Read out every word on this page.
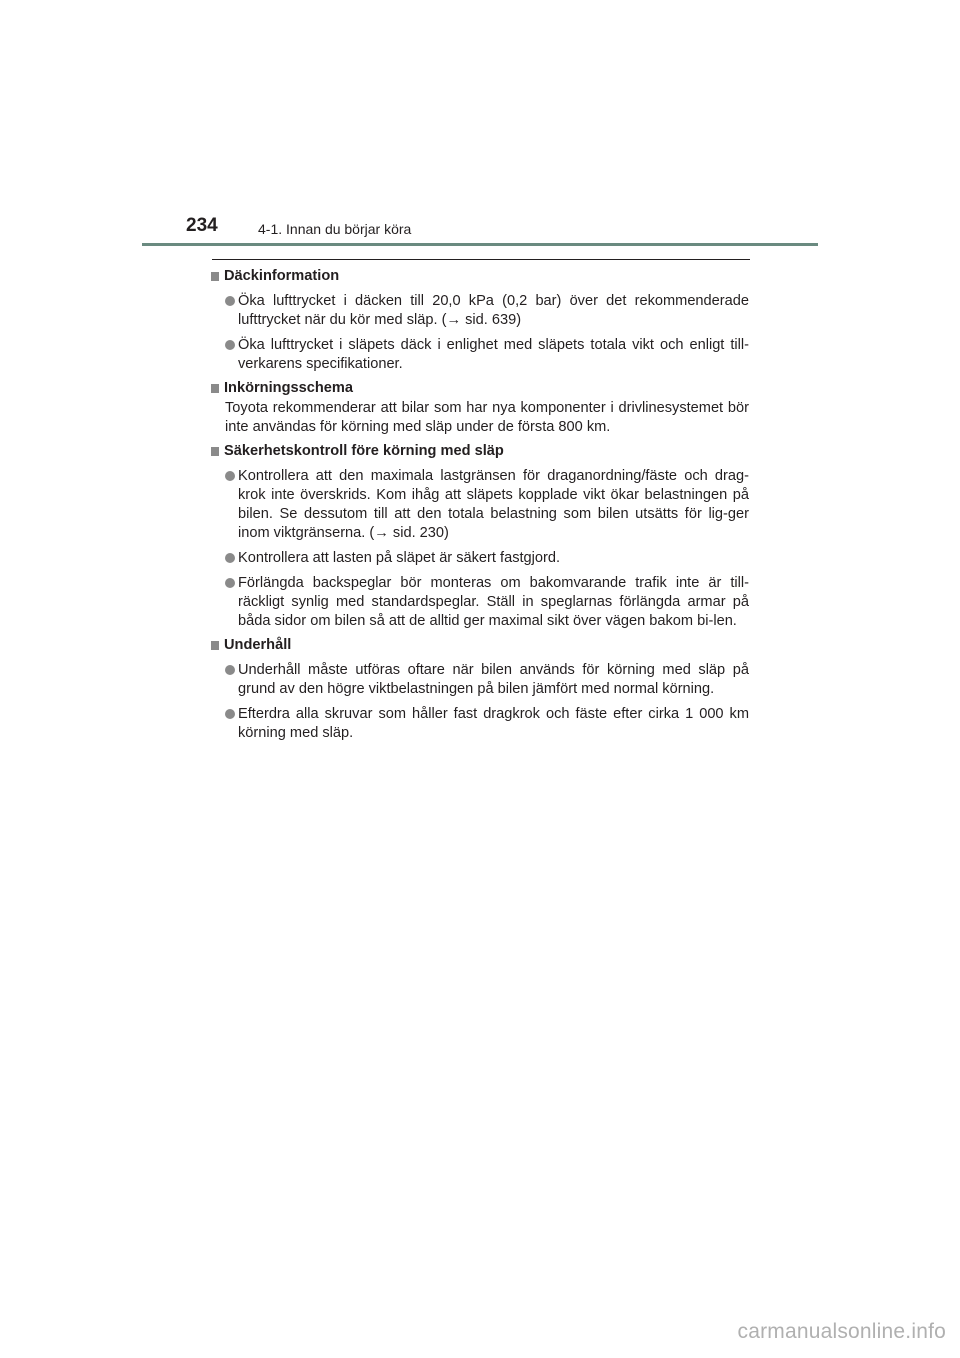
234	4-1. Innan du börjar köra
Däckinformation
Öka lufttrycket i däcken till 20,0 kPa (0,2 bar) över det rekommenderade lufttrycket när du kör med släp. (→ sid. 639)
Öka lufttrycket i släpets däck i enlighet med släpets totala vikt och enligt till-verkarens specifikationer.
Inkörningsschema
Toyota rekommenderar att bilar som har nya komponenter i drivlinesystemet bör inte användas för körning med släp under de första 800 km.
Säkerhetskontroll före körning med släp
Kontrollera att den maximala lastgränsen för draganordning/fäste och drag-krok inte överskrids. Kom ihåg att släpets kopplade vikt ökar belastningen på bilen. Se dessutom till att den totala belastning som bilen utsätts för lig-ger inom viktgränserna. (→ sid. 230)
Kontrollera att lasten på släpet är säkert fastgjord.
Förlängda backspeglar bör monteras om bakomvarande trafik inte är till-räckligt synlig med standardspeglar. Ställ in speglarnas förlängda armar på båda sidor om bilen så att de alltid ger maximal sikt över vägen bakom bi-len.
Underhåll
Underhåll måste utföras oftare när bilen används för körning med släp på grund av den högre viktbelastningen på bilen jämfört med normal körning.
Efterdra alla skruvar som håller fast dragkrok och fäste efter cirka 1 000 km körning med släp.
carmanualsonline.info
